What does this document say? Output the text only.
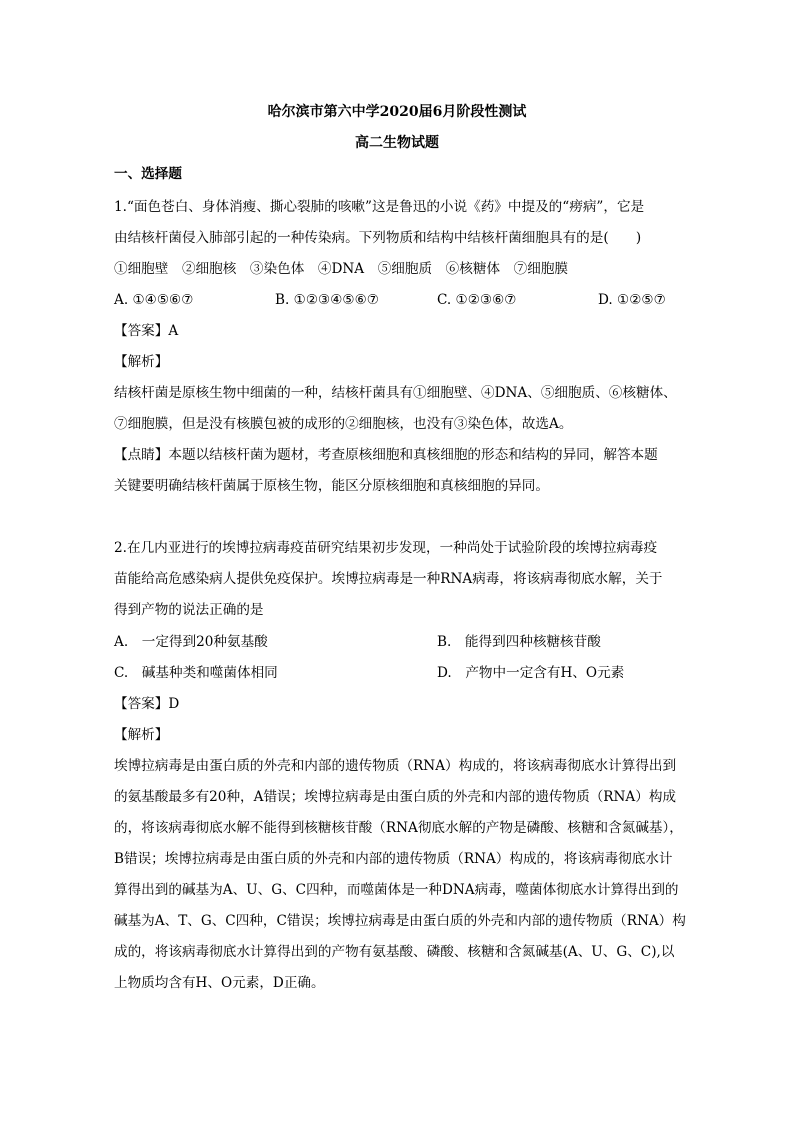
哈尔滨市第六中学2020届6月阶段性测试
高二生物试题
一、选择题
1.“面色苍白、身体消瘦、撕心裂肺的咳嗽”这是鲁迅的小说《药》中提及的“痨病”，它是
由结核杆菌侵入肺部引起的一种传染病。下列物质和结构中结核杆菌细胞具有的是(　　)
①细胞壁　②细胞核　③染色体　④DNA　⑤细胞质　⑥核糖体　⑦细胞膜
A. ①④⑤⑥⑦	B. ①②③④⑤⑥⑦	C. ①②③⑥⑦	D. ①②⑤⑦
【答案】A
【解析】
结核杆菌是原核生物中细菌的一种，结核杆菌具有①细胞壁、④DNA、⑤细胞质、⑥核糖体、
⑦细胞膜，但是没有核膜包被的成形的②细胞核，也没有③染色体，故选A。
【点睛】本题以结核杆菌为题材，考查原核细胞和真核细胞的形态和结构的异同，解答本题
关键要明确结核杆菌属于原核生物，能区分原核细胞和真核细胞的异同。
2.在几内亚进行的埃博拉病毒疫苗研究结果初步发现，一种尚处于试验阶段的埃博拉病毒疫
苗能给高危感染病人提供免疫保护。埃博拉病毒是一种RNA病毒，将该病毒彻底水解，关于
得到产物的说法正确的是
A.　一定得到20种氨基酸	B.　能得到四种核糖核苷酸
C.　碱基种类和噬菌体相同	D.　产物中一定含有H、O元素
【答案】D
【解析】
埃博拉病毒是由蛋白质的外壳和内部的遗传物质（RNA）构成的，将该病毒彻底水计算得出到
的氨基酸最多有20种，A错误；埃博拉病毒是由蛋白质的外壳和内部的遗传物质（RNA）构成
的，将该病毒彻底水解不能得到核糖核苷酸（RNA彻底水解的产物是磷酸、核糖和含氮碱基），
B错误；埃博拉病毒是由蛋白质的外壳和内部的遗传物质（RNA）构成的，将该病毒彻底水计
算得出到的碱基为A、U、G、C四种，而噬菌体是一种DNA病毒，噬菌体彻底水计算得出到的
碱基为A、T、G、C四种，C错误；埃博拉病毒是由蛋白质的外壳和内部的遗传物质（RNA）构
成的，将该病毒彻底水计算得出到的产物有氨基酸、磷酸、核糖和含氮碱基(A、U、G、C),以
上物质均含有H、O元素，D正确。
